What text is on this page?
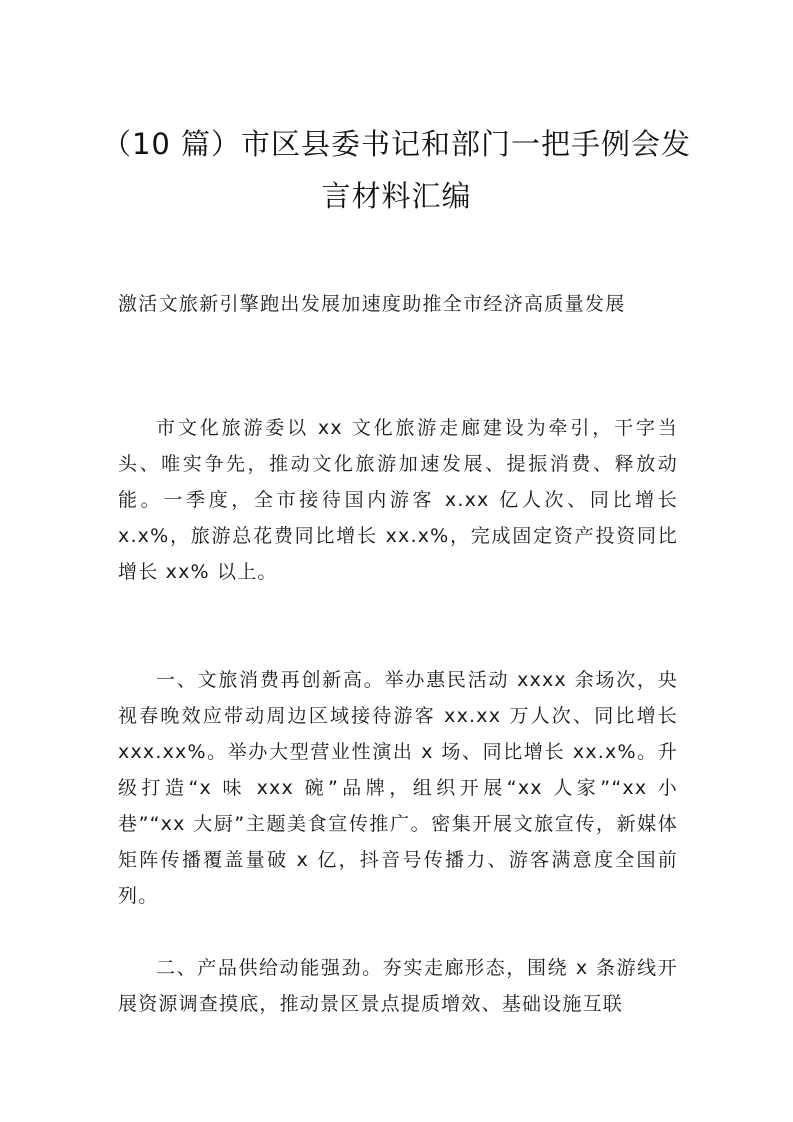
（10 篇）市区县委书记和部门一把手例会发言材料汇编
激活文旅新引擎跑出发展加速度助推全市经济高质量发展

市文化旅游委以 xx 文化旅游走廊建设为牵引，干字当头、唯实争先，推动文化旅游加速发展、提振消费、释放动能。一季度，全市接待国内游客 x.xx 亿人次、同比增长 x.x%，旅游总花费同比增长 xx.x%，完成固定资产投资同比增长 xx% 以上。

一、文旅消费再创新高。举办惠民活动 xxxx 余场次，央视春晚效应带动周边区域接待游客 xx.xx 万人次、同比增长 xxx.xx%。举办大型营业性演出 x 场、同比增长 xx.x%。升级打造“x 味 xxx 碗”品牌，组织开展“xx 人家”“xx 小巷”“xx 大厨”主题美食宣传推广。密集开展文旅宣传，新媒体矩阵传播覆盖量破 x 亿，抖音号传播力、游客满意度全国前列。

二、产品供给动能强劲。夯实走廊形态，围绕 x 条游线开展资源调查摸底，推动景区景点提质增效、基础设施互联
